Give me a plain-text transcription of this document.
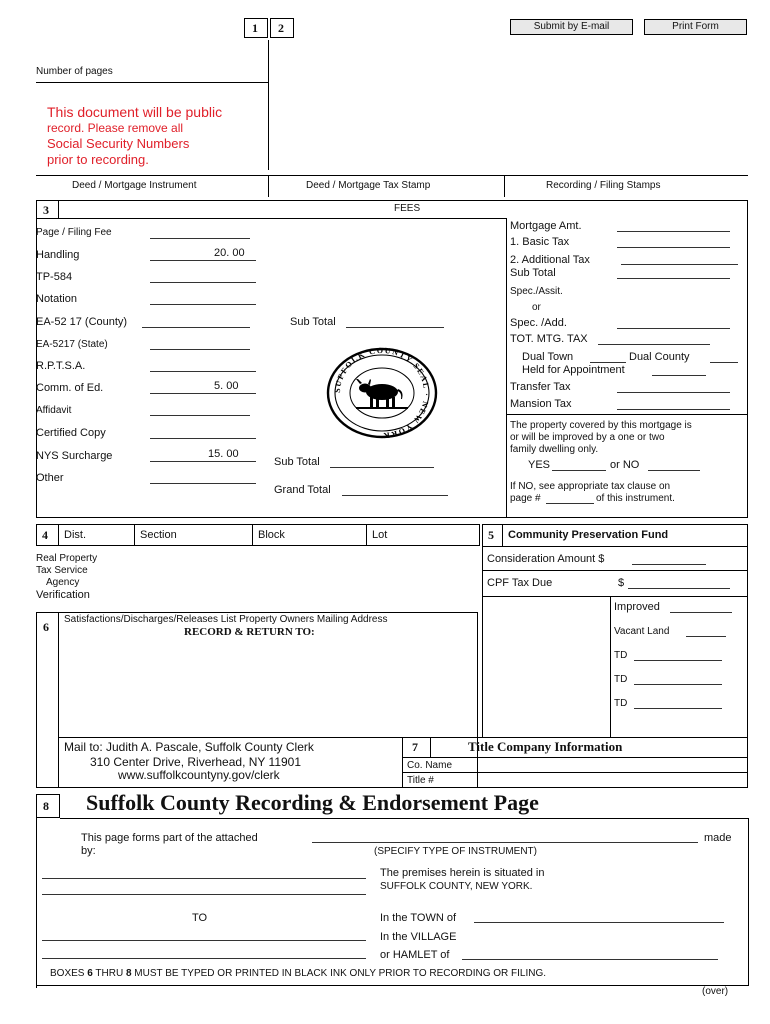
1 2	Submit by E-mail	Print Form
Number of pages
This document will be public
record. Please remove all
Social Security Numbers
prior to recording.
Deed / Mortgage Instrument	Deed / Mortgage Tax Stamp	Recording / Filing Stamps
3	FEES
Page / Filing Fee
Handling	20. 00
TP-584
Notation
EA-52 17 (County)
EA-5217 (State)
R.P.T.S.A.
Comm. of Ed.	5. 00
Affidavit
Certified Copy
NYS Surcharge	15. 00
Other
Sub Total
Sub Total
Grand Total
SUFFOLK COUNTY SEAL · NEW YORK
Mortgage Amt.
1. Basic Tax
2. Additional Tax
Sub Total
Spec./Assit.
or
Spec. /Add.
TOT. MTG. TAX
Dual Town	Dual County
Held for Appointment
Transfer Tax
Mansion Tax
The property covered by this mortgage is
or will be improved by a one or two
family dwelling only.
YES	or NO
If NO, see appropriate tax clause on
page #	of this instrument.
4 Dist.	Section	Block	Lot
Real Property
Tax Service
Agency
Verification
5 Community Preservation Fund
Consideration Amount $
CPF Tax Due	$
Improved
Vacant Land
TD
TD
TD
6
Satisfactions/Discharges/Releases List Property Owners Mailing Address
RECORD & RETURN TO:
Mail to: Judith A. Pascale, Suffolk County Clerk
310 Center Drive, Riverhead, NY 11901
www.suffolkcountyny.gov/clerk
7	Title Company Information
Co. Name
Title #
8 Suffolk County Recording & Endorsement Page
This page forms part of the attached	made
by:	(SPECIFY TYPE OF INSTRUMENT)
The premises herein is situated in
SUFFOLK COUNTY, NEW YORK.
TO	In the TOWN of
In the VILLAGE
or HAMLET of
BOXES 6 THRU 8 MUST BE TYPED OR PRINTED IN BLACK INK ONLY PRIOR TO RECORDING OR FILING.
(over)
